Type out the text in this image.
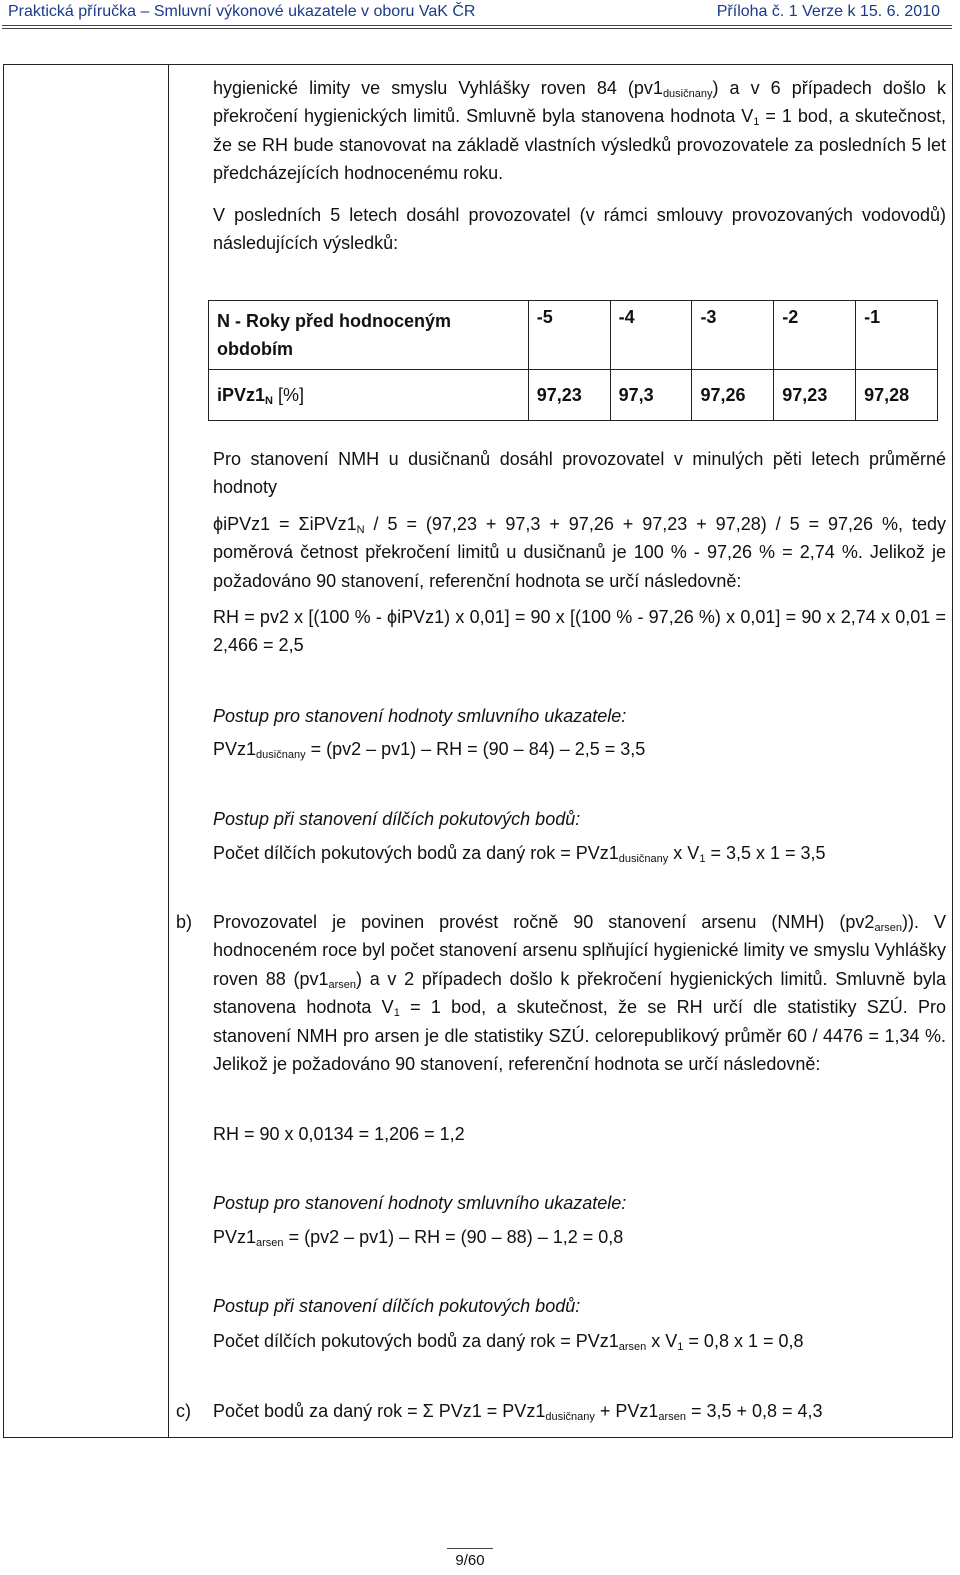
Praktická příručka – Smluvní výkonové ukazatele v oboru VaK ČR	Příloha č. 1 Verze k 15. 6. 2010
hygienické limity ve smyslu Vyhlášky roven 84 $(pv1_{dusičnany})$ a v 6 případech došlo k překročení hygienických limitů. Smluvně byla stanovena hodnota $V_1 = 1$ bod, a skutečnost, že se RH bude stanovovat na základě vlastních výsledků provozovatele za posledních 5 let předcházejících hodnocenému roku.
V posledních 5 letech dosáhl provozovatel (v rámci smlouvy provozovaných vodovodů) následujících výsledků:
N - Roky před hodnoceným obdobím	-5	-4	-3	-2	-1
$iPVz1_N$ [%]	97,23	97,3	97,26	97,23	97,28
Pro stanovení NMH u dusičnanů dosáhl provozovatel v minulých pěti letech průměrné hodnoty
ϕiPVz1 = $\Sigma iPVz1_N / 5 = (97,23 + 97,3 + 97,26 + 97,23 + 97,28) / 5 = 97,26$ %, tedy poměrová četnost překročení limitů u dusičnanů je 100 % - 97,26 % = 2,74 %. Jelikož je požadováno 90 stanovení, referenční hodnota se určí následovně:
RH = pv2 x [(100 % - ϕiPVz1) x 0,01] = 90 x [(100 % - 97,26 %) x 0,01] = 90 x 2,74 x 0,01 = 2,466 = 2,5
Postup pro stanovení hodnoty smluvního ukazatele:
$PVz1_{dusičnany} = (pv2 - pv1)$ – RH = (90 – 84) – 2,5 = 3,5
Postup při stanovení dílčích pokutových bodů:
Počet dílčích pokutových bodů za daný rok = $PVz1_{dusičnany}$ x $V_1 = 3,5$ x 1 = 3,5
b) Provozovatel je povinen provést ročně 90 stanovení arsenu (NMH) $(pv2_{arsen})$). V hodnoceném roce byl počet stanovení arsenu splňující hygienické limity ve smyslu Vyhlášky roven 88 $(pv1_{arsen})$ a v 2 případech došlo k překročení hygienických limitů. Smluvně byla stanovena hodnota $V_1 = 1$ bod, a skutečnost, že se RH určí dle statistiky SZÚ. Pro stanovení NMH pro arsen je dle statistiky SZÚ. celorepublikový průměr 60 / 4476 = 1,34 %. Jelikož je požadováno 90 stanovení, referenční hodnota se určí následovně:
RH = 90 x 0,0134 = 1,206 = 1,2
Postup pro stanovení hodnoty smluvního ukazatele:
$PVz1_{arsen} = (pv2 - pv1)$ – RH = (90 – 88) – 1,2 = 0,8
Postup při stanovení dílčích pokutových bodů:
Počet dílčích pokutových bodů za daný rok = $PVz1_{arsen}$ x $V_1 = 0,8$ x 1 = 0,8
c) Počet bodů za daný rok = Σ $PVz1 = PVz1_{dusičnany} + PVz1_{arsen} = 3,5 + 0,8 = 4,3$
9/60
